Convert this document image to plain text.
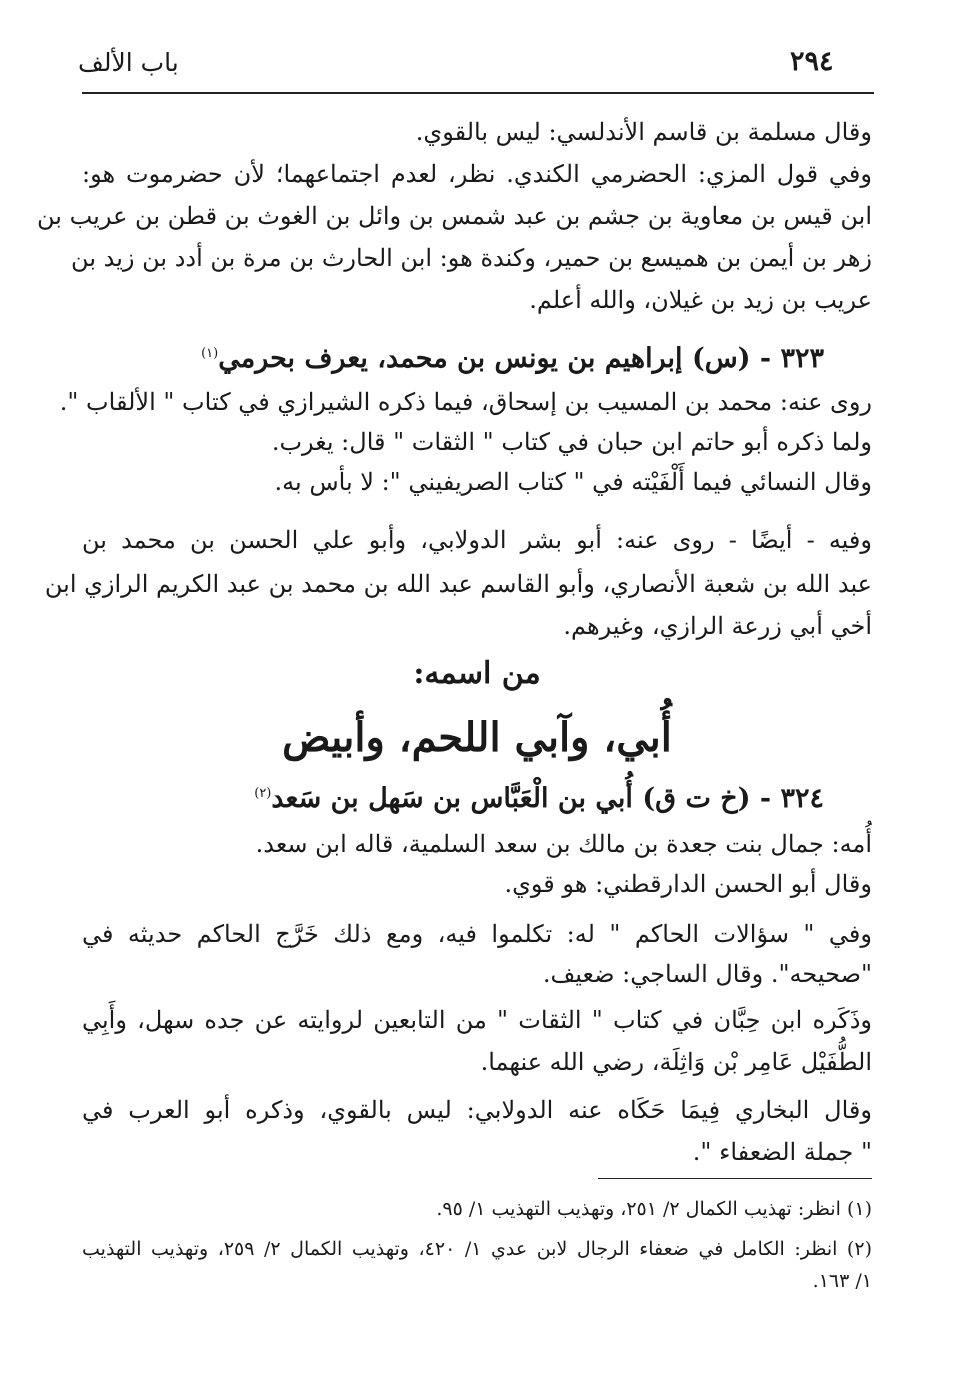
٢٩٤
باب الألف
وقال مسلمة بن قاسم الأندلسي: ليس بالقوي.
وفي قول المزي: الحضرمي الكندي. نظر، لعدم اجتماعهما؛ لأن حضرموت هو:
ابن قيس بن معاوية بن جشم بن عبد شمس بن وائل بن الغوث بن قطن بن عريب بن
زهر بن أيمن بن هميسع بن حمير، وكندة هو: ابن الحارث بن مرة بن أدد بن زيد بن
عريب بن زيد بن غيلان، والله أعلم.
٣٢٣ - (س) إبراهيم بن يونس بن محمد، يعرف بحرمي$^{(١)}$
روى عنه: محمد بن المسيب بن إسحاق، فيما ذكره الشيرازي في كتاب " الألقاب ".
ولما ذكره أبو حاتم ابن حبان في كتاب " الثقات " قال: يغرب.
وقال النسائي فيما أَلْفَيْته في " كتاب الصريفيني ": لا بأس به.
وفيه - أيضًا - روى عنه: أبو بشر الدولابي، وأبو علي الحسن بن محمد بن
عبد الله بن شعبة الأنصاري، وأبو القاسم عبد الله بن محمد بن عبد الكريم الرازي ابن
أخي أبي زرعة الرازي، وغيرهم.
من اسمه:
أُبي، وآبي اللحم، وأبيض
٣٢٤ - (خ ت ق) أُبي بن الْعَبَّاس بن سَهل بن سَعد$^{(٢)}$
أُمه: جمال بنت جعدة بن مالك بن سعد السلمية، قاله ابن سعد.
وقال أبو الحسن الدارقطني: هو قوي.
وفي " سؤالات الحاكم " له: تكلموا فيه، ومع ذلك خَرَّج الحاكم حديثه في
"صحيحه". وقال الساجي: ضعيف.
وذَكَره ابن حِبَّان في كتاب " الثقات " من التابعين لروايته عن جده سهل، وأَبِي
الطُّفَيْل عَامِر بْن وَاثِلَة، رضي الله عنهما.
وقال البخاري فِيمَا حَكَاه عنه الدولابي: ليس بالقوي، وذكره أبو العرب في
" جملة الضعفاء ".
(١) انظر: تهذيب الكمال ٢/ ٢٥١، وتهذيب التهذيب ١/ ٩٥.
(٢) انظر: الكامل في ضعفاء الرجال لابن عدي ١/ ٤٢٠، وتهذيب الكمال ٢/ ٢٥٩، وتهذيب التهذيب
١/ ١٦٣.
